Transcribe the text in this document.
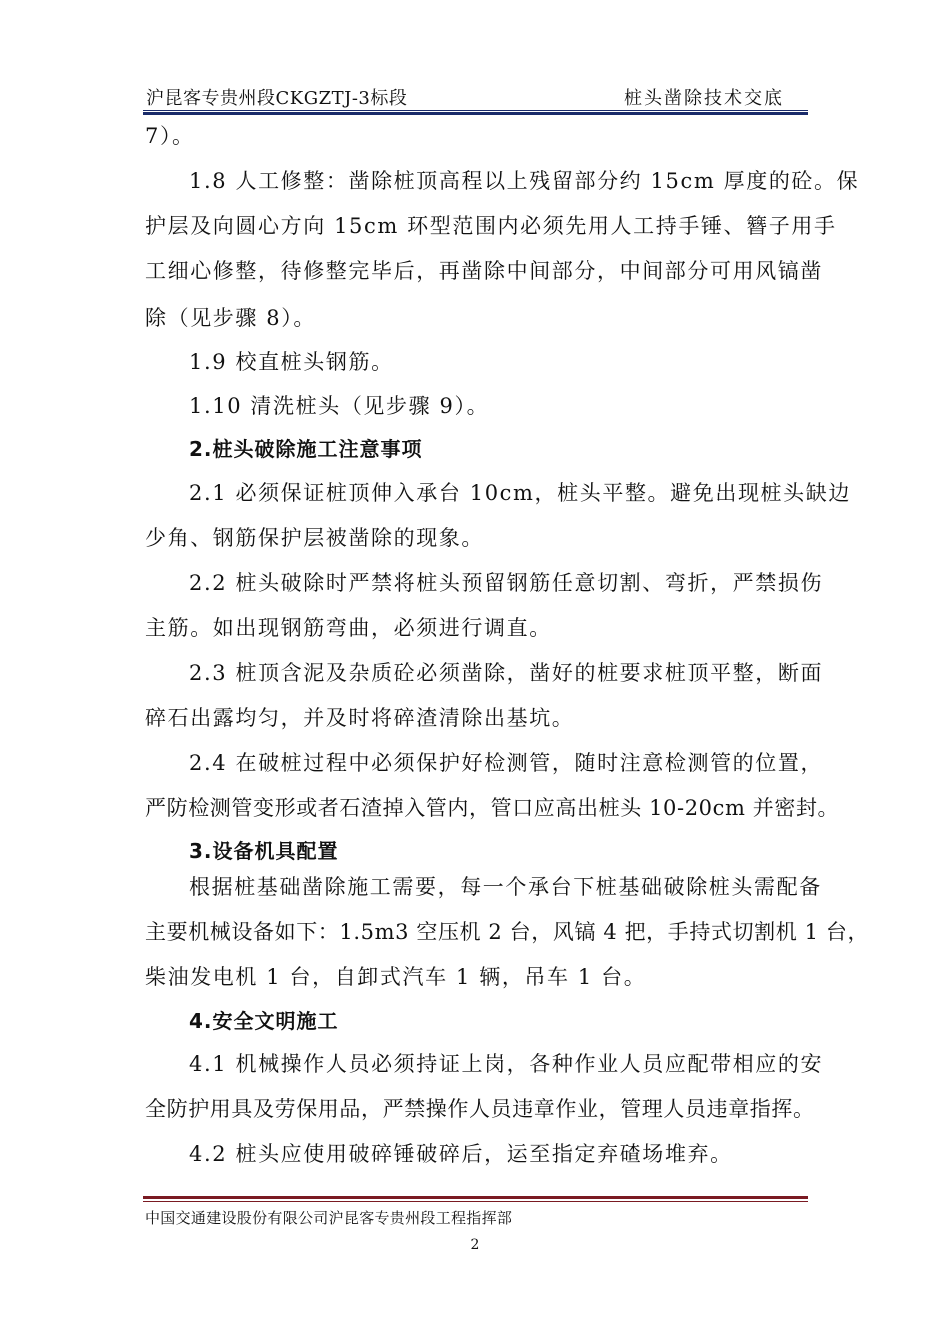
沪昆客专贵州段CKGZTJ-3标段	桩头凿除技术交底
7）。
1.8 人工修整：凿除桩顶高程以上残留部分约 15cm 厚度的砼。保
护层及向圆心方向 15cm 环型范围内必须先用人工持手锤、簪子用手
工细心修整，待修整完毕后，再凿除中间部分，中间部分可用风镐凿
除（见步骤 8）。
1.9 校直桩头钢筋。
1.10 清洗桩头（见步骤 9）。
2.桩头破除施工注意事项
2.1 必须保证桩顶伸入承台 10cm，桩头平整。避免出现桩头缺边
少角、钢筋保护层被凿除的现象。
2.2 桩头破除时严禁将桩头预留钢筋任意切割、弯折，严禁损伤
主筋。如出现钢筋弯曲，必须进行调直。
2.3 桩顶含泥及杂质砼必须凿除，凿好的桩要求桩顶平整，断面
碎石出露均匀，并及时将碎渣清除出基坑。
2.4 在破桩过程中必须保护好检测管，随时注意检测管的位置，
严防检测管变形或者石渣掉入管内，管口应高出桩头 10-20cm 并密封。
3.设备机具配置
根据桩基础凿除施工需要，每一个承台下桩基础破除桩头需配备
主要机械设备如下：1.5m3 空压机 2 台，风镐 4 把，手持式切割机 1 台，
柴油发电机 1 台，自卸式汽车 1 辆，吊车 1 台。
4.安全文明施工
4.1 机械操作人员必须持证上岗，各种作业人员应配带相应的安
全防护用具及劳保用品，严禁操作人员违章作业，管理人员违章指挥。
4.2 桩头应使用破碎锤破碎后，运至指定弃碴场堆弃。
中国交通建设股份有限公司沪昆客专贵州段工程指挥部
2
